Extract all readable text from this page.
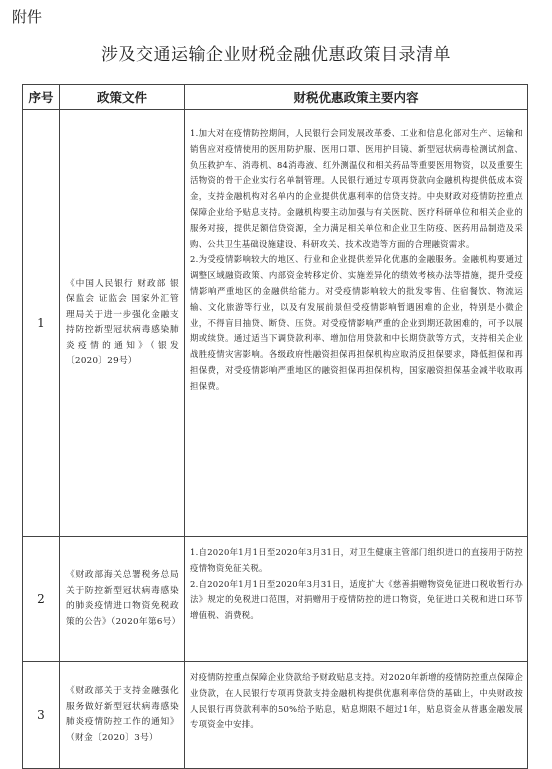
附件
涉及交通运输企业财税金融优惠政策目录清单
序号	政策文件	财税优惠政策主要内容
1	《中国人民银行 财政部 银保监会 证监会 国家外汇管理局关于进一步强化金融支持防控新型冠状病毒感染肺炎疫情的通知》（银发〔2020〕29号）	1.加大对在疫情防控期间，人民银行会同发展改革委、工业和信息化部对生产、运输和销售应对疫情使用的医用防护服、医用口罩、医用护目镜、新型冠状病毒检测试剂盒、负压救护车、消毒机、84消毒液、红外测温仪和相关药品等重要医用物资，以及重要生活物资的骨干企业实行名单制管理。人民银行通过专项再贷款向金融机构提供低成本资金，支持金融机构对名单内的企业提供优惠利率的信贷支持。中央财政对疫情防控重点保障企业给予贴息支持。金融机构要主动加强与有关医院、医疗科研单位和相关企业的服务对接，提供足额信贷资源，全力满足相关单位和企业卫生防疫、医药用品制造及采购、公共卫生基础设施建设、科研攻关、技术改造等方面的合理融资需求。

2.为受疫情影响较大的地区、行业和企业提供差异化优惠的金融服务。金融机构要通过调整区域融资政策、内部资金转移定价、实施差异化的绩效考核办法等措施，提升受疫情影响严重地区的金融供给能力。对受疫情影响较大的批发零售、住宿餐饮、物流运输、文化旅游等行业，以及有发展前景但受疫情影响暂遇困难的企业，特别是小微企业，不得盲目抽贷、断贷、压贷。对受疫情影响严重的企业到期还款困难的，可予以展期或续贷。通过适当下调贷款利率、增加信用贷款和中长期贷款等方式，支持相关企业战胜疫情灾害影响。各级政府性融资担保再担保机构应取消反担保要求，降低担保和再担保费，对受疫情影响严重地区的融资担保再担保机构，国家融资担保基金减半收取再担保费。

2	《财政部海关总署税务总局关于防控新型冠状病毒感染的肺炎疫情进口物资免税政策的公告》（2020年第6号）	1.自2020年1月1日至2020年3月31日，对卫生健康主管部门组织进口的直接用于防控疫情物资免征关税。

2.自2020年1月1日至2020年3月31日，适度扩大《慈善捐赠物资免征进口税收暂行办法》规定的免税进口范围，对捐赠用于疫情防控的进口物资，免征进口关税和进口环节增值税、消费税。

3	《财政部关于支持金融强化服务做好新型冠状病毒感染肺炎疫情防控工作的通知》（财金〔2020〕3号）	对疫情防控重点保障企业贷款给予财政贴息支持。对2020年新增的疫情防控重点保障企业贷款，在人民银行专项再贷款支持金融机构提供优惠利率信贷的基础上，中央财政按人民银行再贷款利率的50%给予贴息，贴息期限不超过1年，贴息资金从普惠金融发展专项资金中安排。
